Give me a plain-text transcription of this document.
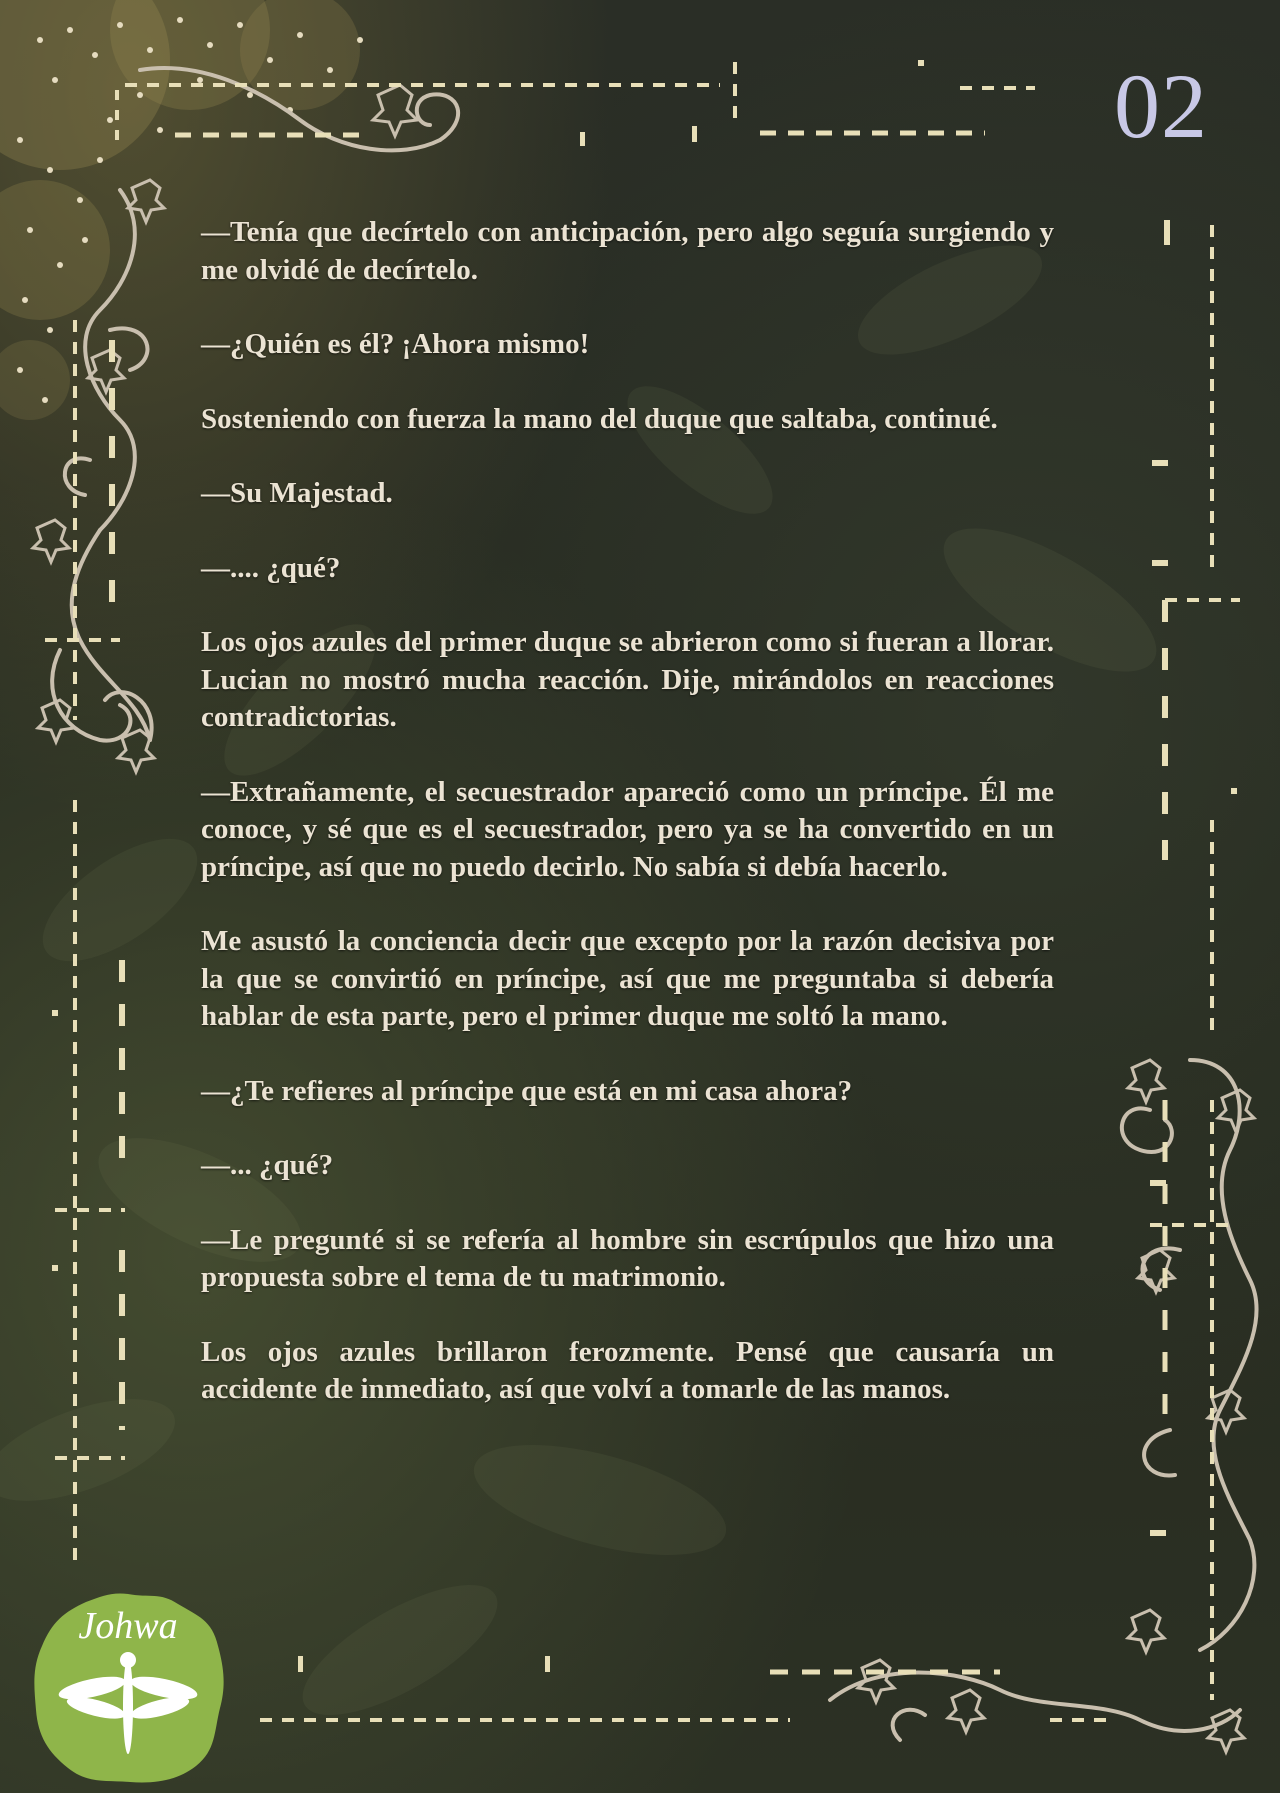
02

—Tenía que decírtelo con anticipación, pero algo seguía surgiendo y me olvidé de decírtelo.

—¿Quién es él? ¡Ahora mismo!

Sosteniendo con fuerza la mano del duque que saltaba, continué.

—Su Majestad.

—.... ¿qué?

Los ojos azules del primer duque se abrieron como si fueran a llorar. Lucian no mostró mucha reacción. Dije, mirándolos en reacciones contradictorias.

—Extrañamente, el secuestrador apareció como un príncipe. Él me conoce, y sé que es el secuestrador, pero ya se ha convertido en un príncipe, así que no puedo decirlo. No sabía si debía hacerlo.

Me asustó la conciencia decir que excepto por la razón decisiva por la que se convirtió en príncipe, así que me preguntaba si debería hablar de esta parte, pero el primer duque me soltó la mano.

—¿Te refieres al príncipe que está en mi casa ahora?

—... ¿qué?

—Le pregunté si se refería al hombre sin escrúpulos que hizo una propuesta sobre el tema de tu matrimonio.

Los ojos azules brillaron ferozmente. Pensé que causaría un accidente de inmediato, así que volví a tomarle de las manos.

Johwa
